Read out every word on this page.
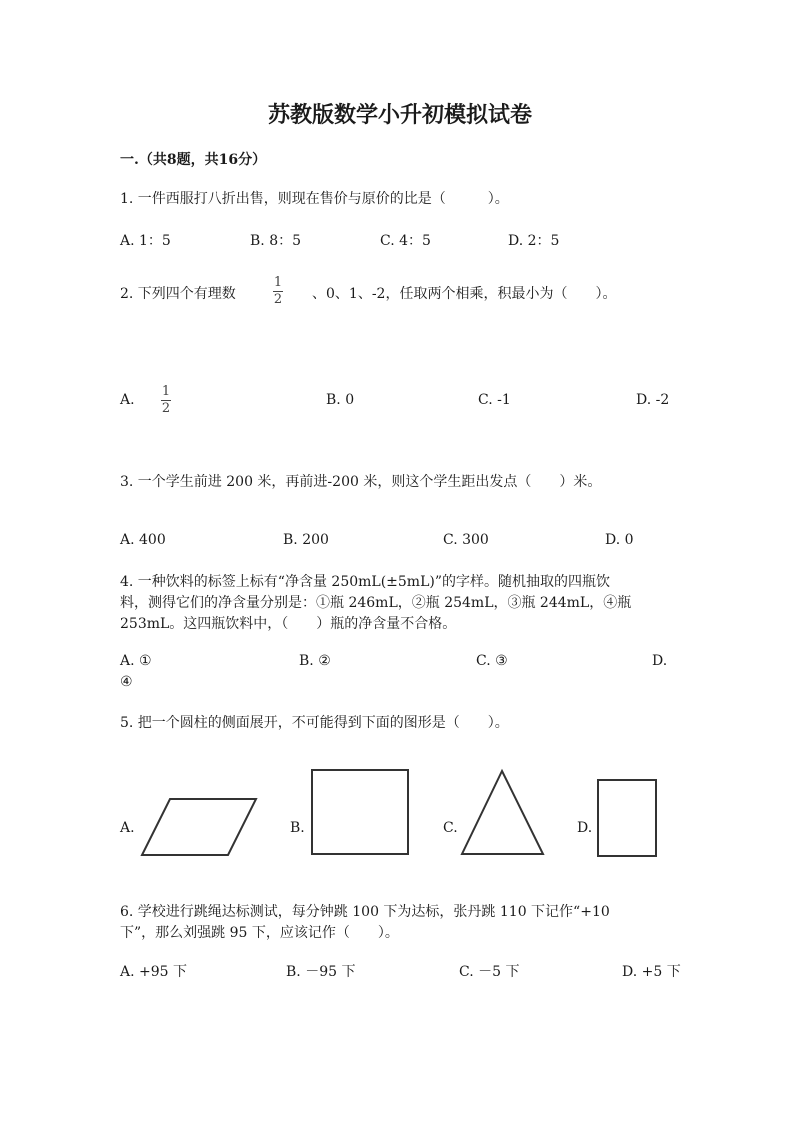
苏教版数学小升初模拟试卷
一.（共8题，共16分）
1. 一件西服打八折出售，则现在售价与原价的比是（　　　）。
A. 1：5	B. 8：5	C. 4：5	D. 2：5
2. 下列四个有理数
1
2 、0、1、-2，任取两个相乘，积最小为（　　）。
A.
1
2
B. 0	C. -1	D. -2
3. 一个学生前进 200 米，再前进-200 米，则这个学生距出发点（　　）米。
A. 400	B. 200	C. 300	D. 0
4. 一种饮料的标签上标有“净含量 250mL(±5mL)”的字样。随机抽取的四瓶饮
料，测得它们的净含量分别是：①瓶 246mL，②瓶 254mL，③瓶 244mL，④瓶
253mL。这四瓶饮料中，（　　）瓶的净含量不合格。
A. ①	B. ②	C. ③	D.
④
5. 把一个圆柱的侧面展开，不可能得到下面的图形是（　　）。
A.	B.	C.	D.
6. 学校进行跳绳达标测试，每分钟跳 100 下为达标，张丹跳 110 下记作“+10
下”，那么刘强跳 95 下，应该记作（　　）。
A. +95 下	B. －95 下	C. －5 下	D. +5 下
